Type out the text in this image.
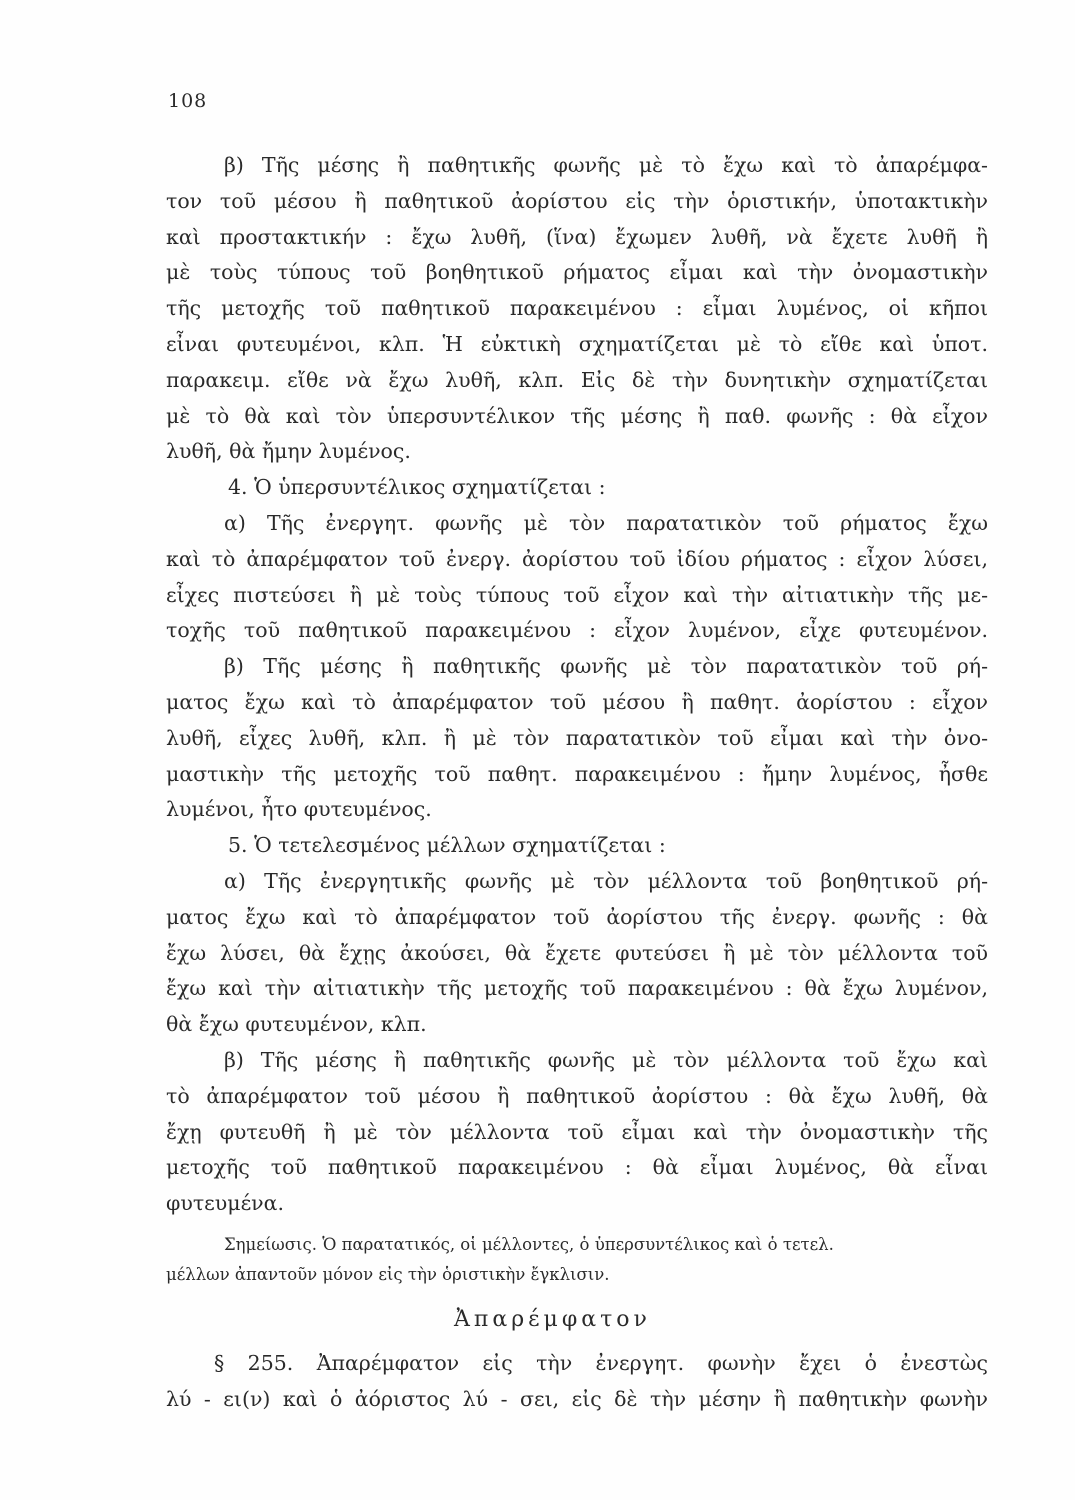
108
β) Τῆς μέσης ἢ παθητικῆς φωνῆς μὲ τὸ ἔχω καὶ τὸ ἀπαρέμφα-
τον τοῦ μέσου ἢ παθητικοῦ ἀορίστου εἰς τὴν ὁριστικήν, ὑποτακτικὴν
καὶ προστακτικήν : ἔχω λυθῆ, (ἵνα) ἔχωμεν λυθῆ, νὰ ἔχετε λυθῆ ἢ
μὲ τοὺς τύπους τοῦ βοηθητικοῦ ρήματος εἶμαι καὶ τὴν ὀνομαστικὴν
τῆς μετοχῆς τοῦ παθητικοῦ παρακειμένου : εἶμαι λυμένος, οἱ κῆποι
εἶναι φυτευμένοι, κλπ. Ἡ εὐκτικὴ σχηματίζεται μὲ τὸ εἴθε καὶ ὑποτ.
παρακειμ. εἴθε νὰ ἔχω λυθῆ, κλπ. Εἰς δὲ τὴν δυνητικὴν σχηματίζεται
μὲ τὸ θὰ καὶ τὸν ὑπερσυντέλικον τῆς μέσης ἢ παθ. φωνῆς : θὰ εἶχον
λυθῆ, θὰ ἤμην λυμένος.
4. Ὁ ὑπερσυντέλικος σχηματίζεται :
α) Τῆς ἐνεργητ. φωνῆς μὲ τὸν παρατατικὸν τοῦ ρήματος ἔχω
καὶ τὸ ἀπαρέμφατον τοῦ ἐνεργ. ἀορίστου τοῦ ἰδίου ρήματος : εἶχον λύσει,
εἶχες πιστεύσει ἢ μὲ τοὺς τύπους τοῦ εἶχον καὶ τὴν αἰτιατικὴν τῆς με-
τοχῆς τοῦ παθητικοῦ παρακειμένου : εἶχον λυμένον, εἶχε φυτευμένον.
β) Τῆς μέσης ἢ παθητικῆς φωνῆς μὲ τὸν παρατατικὸν τοῦ ρή-
ματος ἔχω καὶ τὸ ἀπαρέμφατον τοῦ μέσου ἢ παθητ. ἀορίστου : εἶχον
λυθῆ, εἶχες λυθῆ, κλπ. ἢ μὲ τὸν παρατατικὸν τοῦ εἶμαι καὶ τὴν ὀνο-
μαστικὴν τῆς μετοχῆς τοῦ παθητ. παρακειμένου : ἤμην λυμένος, ἦσθε
λυμένοι, ἦτο φυτευμένος.
5. Ὁ τετελεσμένος μέλλων σχηματίζεται :
α) Τῆς ἐνεργητικῆς φωνῆς μὲ τὸν μέλλοντα τοῦ βοηθητικοῦ ρή-
ματος ἔχω καὶ τὸ ἀπαρέμφατον τοῦ ἀορίστου τῆς ἐνεργ. φωνῆς : θὰ
ἔχω λύσει, θὰ ἔχῃς ἀκούσει, θὰ ἔχετε φυτεύσει ἢ μὲ τὸν μέλλοντα τοῦ
ἔχω καὶ τὴν αἰτιατικὴν τῆς μετοχῆς τοῦ παρακειμένου : θὰ ἔχω λυμένον,
θὰ ἔχω φυτευμένον, κλπ.
β) Τῆς μέσης ἢ παθητικῆς φωνῆς μὲ τὸν μέλλοντα τοῦ ἔχω καὶ
τὸ ἀπαρέμφατον τοῦ μέσου ἢ παθητικοῦ ἀορίστου : θὰ ἔχω λυθῆ, θὰ
ἔχῃ φυτευθῆ ἢ μὲ τὸν μέλλοντα τοῦ εἶμαι καὶ τὴν ὀνομαστικὴν τῆς
μετοχῆς τοῦ παθητικοῦ παρακειμένου : θὰ εἶμαι λυμένος, θὰ εἶναι
φυτευμένα.
Σημείωσις. Ὁ παρατατικός, οἱ μέλλοντες, ὁ ὑπερσυντέλικος καὶ ὁ τετελ.
μέλλων ἀπαντοῦν μόνον εἰς τὴν ὁριστικὴν ἔγκλισιν.
Ἀπαρέμφατον
§ 255. Ἀπαρέμφατον εἰς τὴν ἐνεργητ. φωνὴν ἔχει ὁ ἐνεστὼς
λύ - ει(ν) καὶ ὁ ἀόριστος λύ - σει, εἰς δὲ τὴν μέσην ἢ παθητικὴν φωνὴν
